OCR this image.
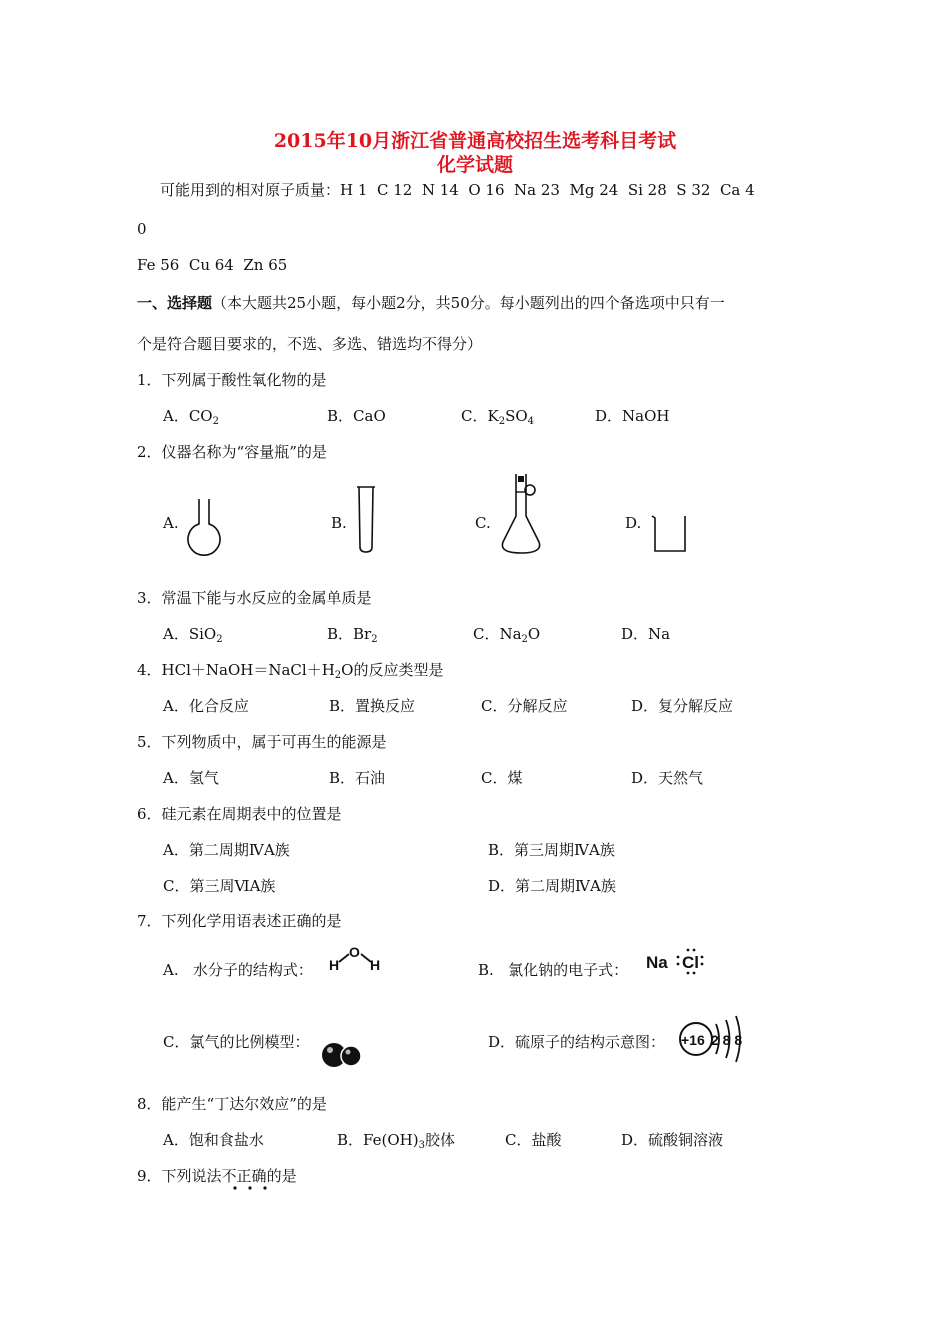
2015年10月浙江省普通高校招生选考科目考试
化学试题
可能用到的相对原子质量：H 1  C 12  N 14  O 16  Na 23  Mg 24  Si 28  S 32  Ca 4
0
Fe 56  Cu 64  Zn 65
一、选择题（本大题共25小题，每小题2分，共50分。每小题列出的四个备选项中只有一
个是符合题目要求的，不选、多选、错选均不得分）
1．下列属于酸性氧化物的是
A．$CO_2$	B．CaO	C．$K_2SO_4$	D．NaOH
2．仪器名称为“容量瓶”的是
A.	B.	C.	D.
3．常温下能与水反应的金属单质是
A．SiO$_2$	B．$Br_2$	C．$Na_2O$	D．Na
4．$HCl+NaOH=NaCl+H_2O$的反应类型是
A．化合反应	B．置换反应	C．分解反应	D．复分解反应
5．下列物质中，属于可再生的能源是
A．氢气	B．石油	C．煤	D．天然气
6．硅元素在周期表中的位置是
A．第二周期ⅣA族	B．第三周期ⅣA族
C．第三周ⅥA族	D．第二周期ⅣA族
7．下列化学用语表述正确的是
A.   水分子的结构式： H
O
H	B.   氯化钠的电子式： Na Cl
C．氯气的比例模型：	D．硫原子的结构示意图： +16 2 8 8
8．能产生“丁达尔效应”的是
A．饱和食盐水	B．$Fe(OH)_3$胶体	C．盐酸	D．硫酸铜溶液
9．下列说法不正确的是
